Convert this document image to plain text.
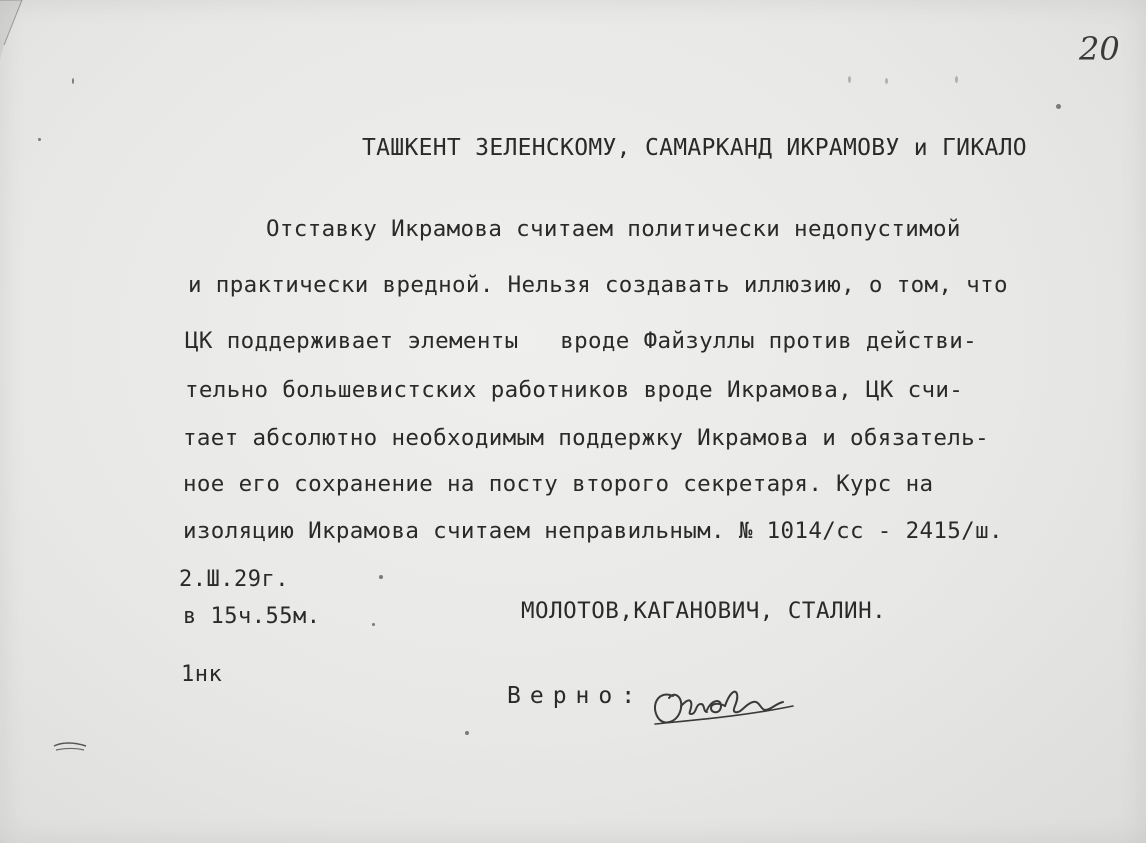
20
ТАШКЕНТ ЗЕЛЕНСКОМУ, САМАРКАНД ИКРАМОВУ и ГИКАЛО
Отставку Икрамова считаем политически недопустимой
и практически вредной. Нельзя создавать иллюзию, о том, что
ЦК поддерживает элементы   вроде Файзуллы против действи-
тельно большевистских работников вроде Икрамова, ЦК счи-
тает абсолютно необходимым поддержку Икрамова и обязатель-
ное его сохранение на посту второго секретаря. Курс на
изоляцию Икрамова считаем неправильным. № 1014/сс - 2415/ш.
2.Ш.29г.
в 15ч.55м.	МОЛОТОВ,КАГАНОВИЧ, СТАЛИН.
1нк
Верно:
